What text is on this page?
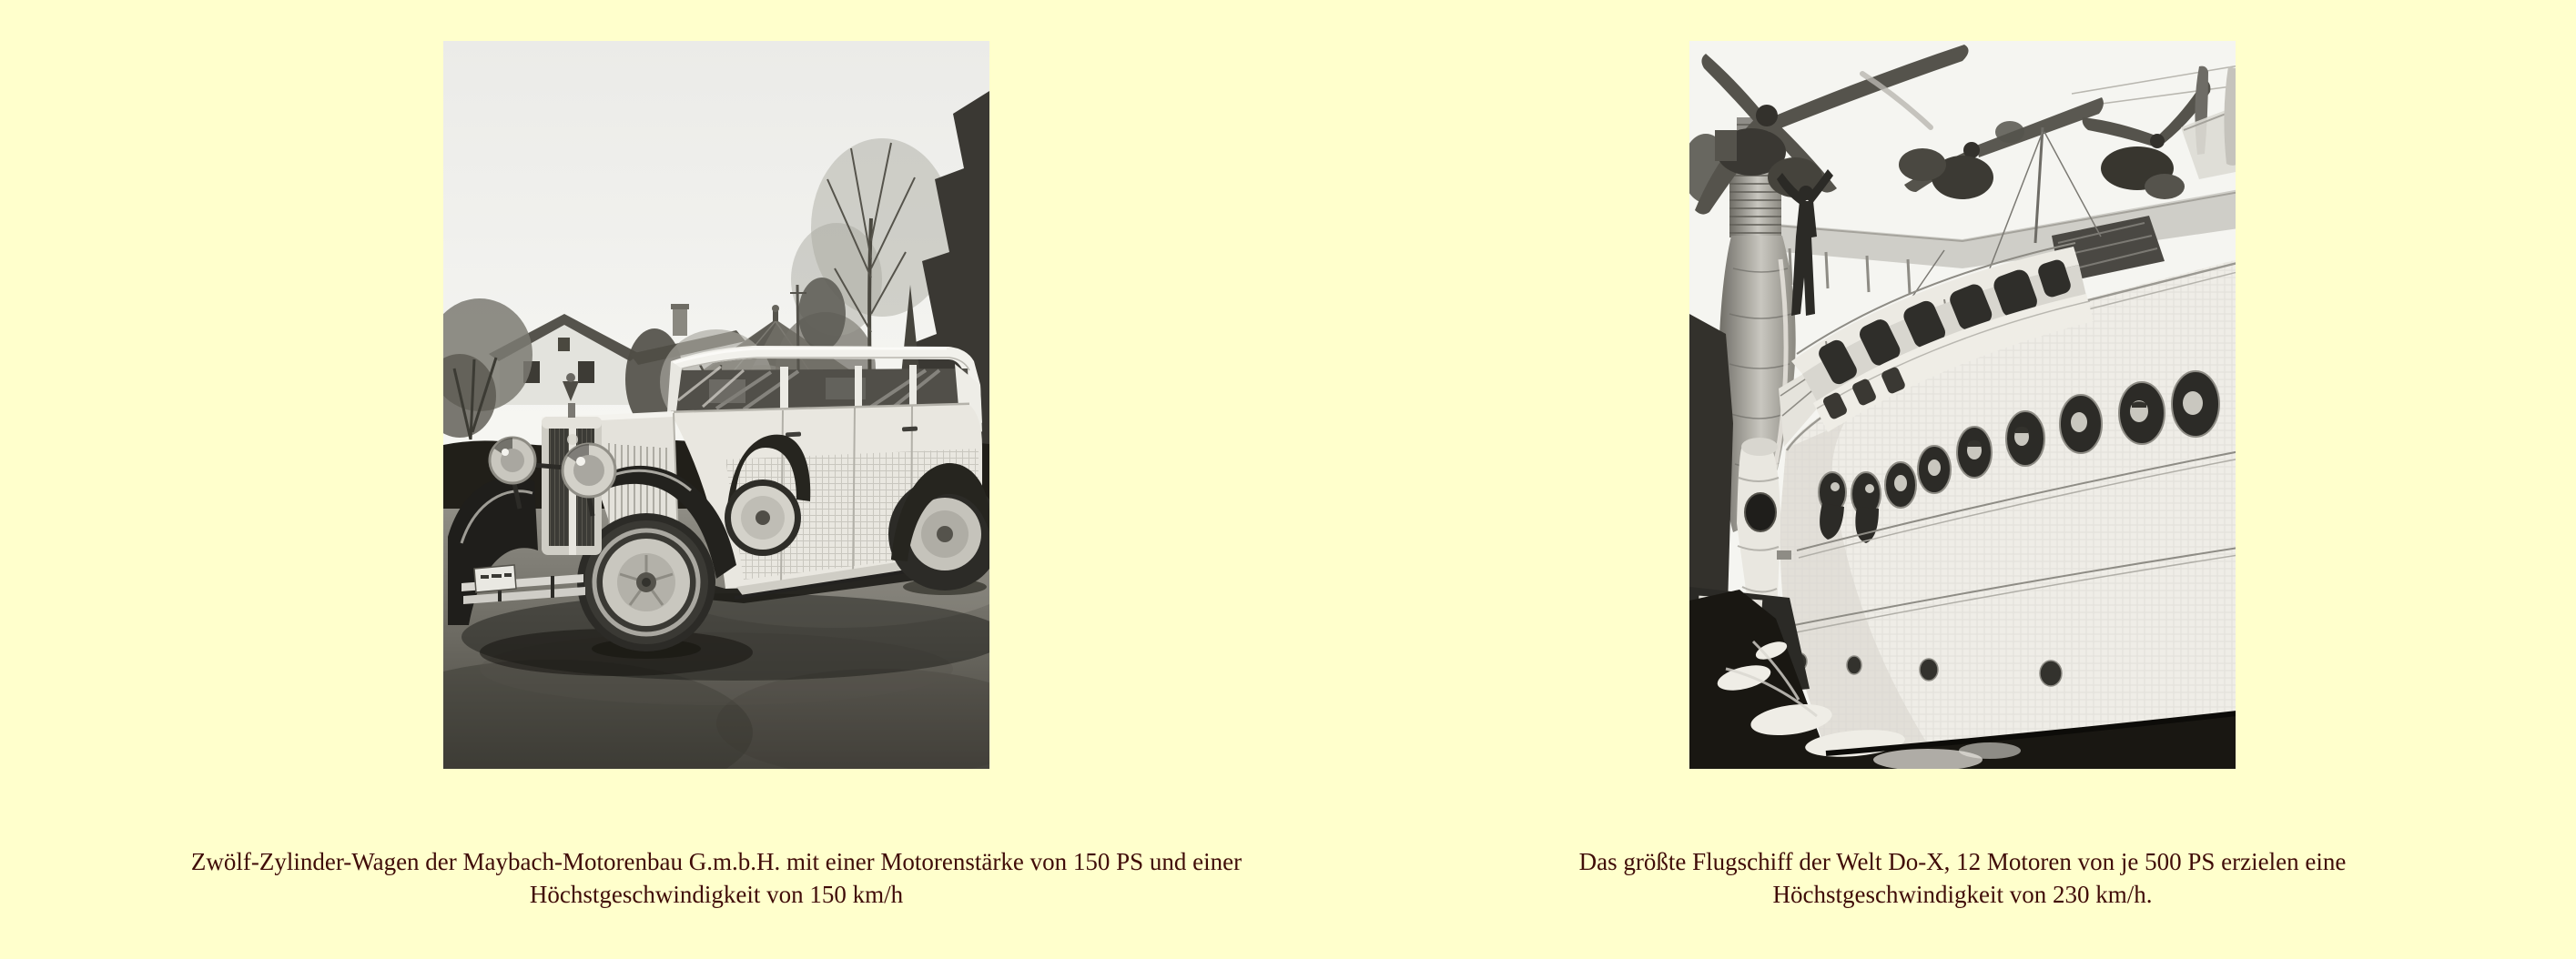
Zwölf-Zylinder-Wagen der Maybach-Motorenbau G.m.b.H. mit einer Motorenstärke von 150 PS und einer
Höchstgeschwindigkeit von 150 km/h
Das größte Flugschiff der Welt Do-X, 12 Motoren von je 500 PS erzielen eine
Höchstgeschwindigkeit von 230 km/h.
